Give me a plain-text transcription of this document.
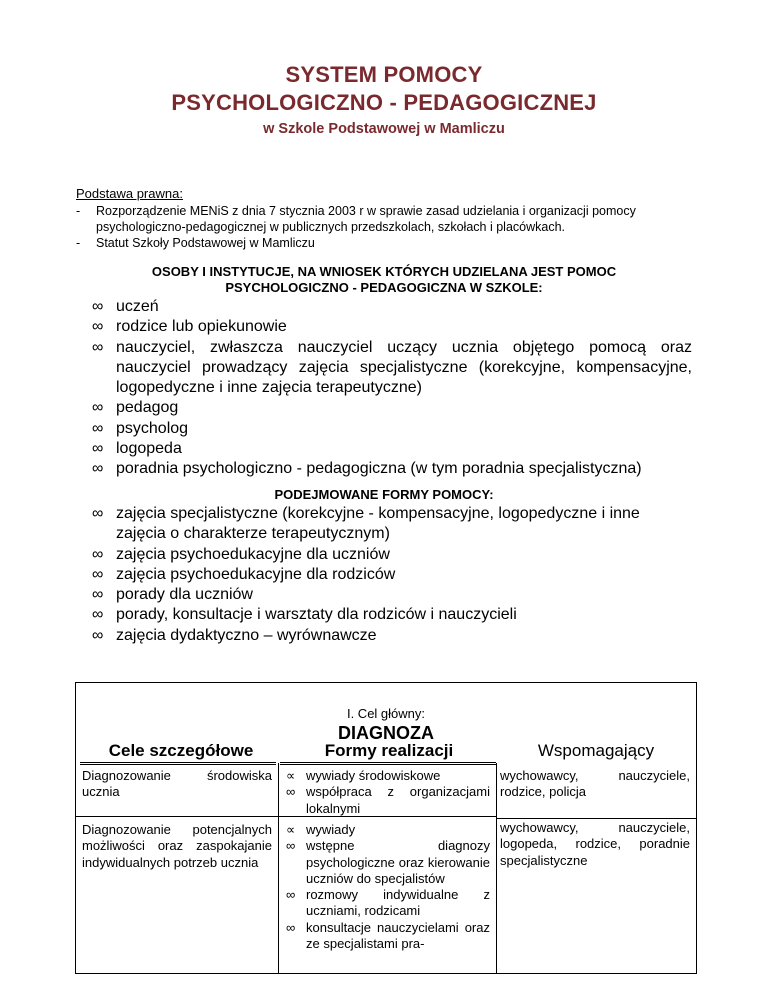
SYSTEM POMOCY
PSYCHOLOGICZNO - PEDAGOGICZNEJ
w Szkole Podstawowej w Mamliczu
Podstawa prawna:
- Rozporządzenie MENiS z dnia 7 stycznia 2003 r w sprawie zasad udzielania i organizacji pomocy psychologiczno-pedagogicznej w publicznych przedszkolach, szkołach i placówkach.
- Statut Szkoły Podstawowej w Mamliczu
OSOBY I INSTYTUCJE, NA WNIOSEK KTÓRYCH UDZIELANA JEST POMOC
PSYCHOLOGICZNO - PEDAGOGICZNA W SZKOLE:
∞ uczeń
∞ rodzice lub opiekunowie
∞ nauczyciel, zwłaszcza nauczyciel uczący ucznia objętego pomocą oraz nauczyciel prowadzący zajęcia specjalistyczne (korekcyjne, kompensacyjne, logopedyczne i inne zajęcia terapeutyczne)
∞ pedagog
∞ psycholog
∞ logopeda
∞ poradnia psychologiczno - pedagogiczna (w tym poradnia specjalistyczna)
PODEJMOWANE FORMY POMOCY:
∞ zajęcia specjalistyczne (korekcyjne - kompensacyjne, logopedyczne i inne zajęcia o charakterze terapeutycznym)
∞ zajęcia psychoedukacyjne dla uczniów
∞ zajęcia psychoedukacyjne dla rodziców
∞ porady dla uczniów
∞ porady, konsultacje i warsztaty dla rodziców i nauczycieli
∞ zajęcia dydaktyczno – wyrównawcze
I. Cel główny:
DIAGNOZA
Cele szczegółowe	Formy realizacji	Wspomagający
Diagnozowanie środowiska ucznia
∝ wywiady środowiskowe
∞ współpraca z organizacjami lokalnymi
wychowawcy, nauczyciele, rodzice, policja
Diagnozowanie potencjalnych możliwości oraz zaspokajanie indywidualnych potrzeb ucznia
∝ wywiady
∞ wstępne diagnozy psychologiczne oraz kierowanie uczniów do specjalistów
∞ rozmowy indywidualne z uczniami, rodzicami
∞ konsultacje nauczycielami oraz ze specjalistami pra-
wychowawcy, nauczyciele, logopeda, rodzice, poradnie specjalistyczne
